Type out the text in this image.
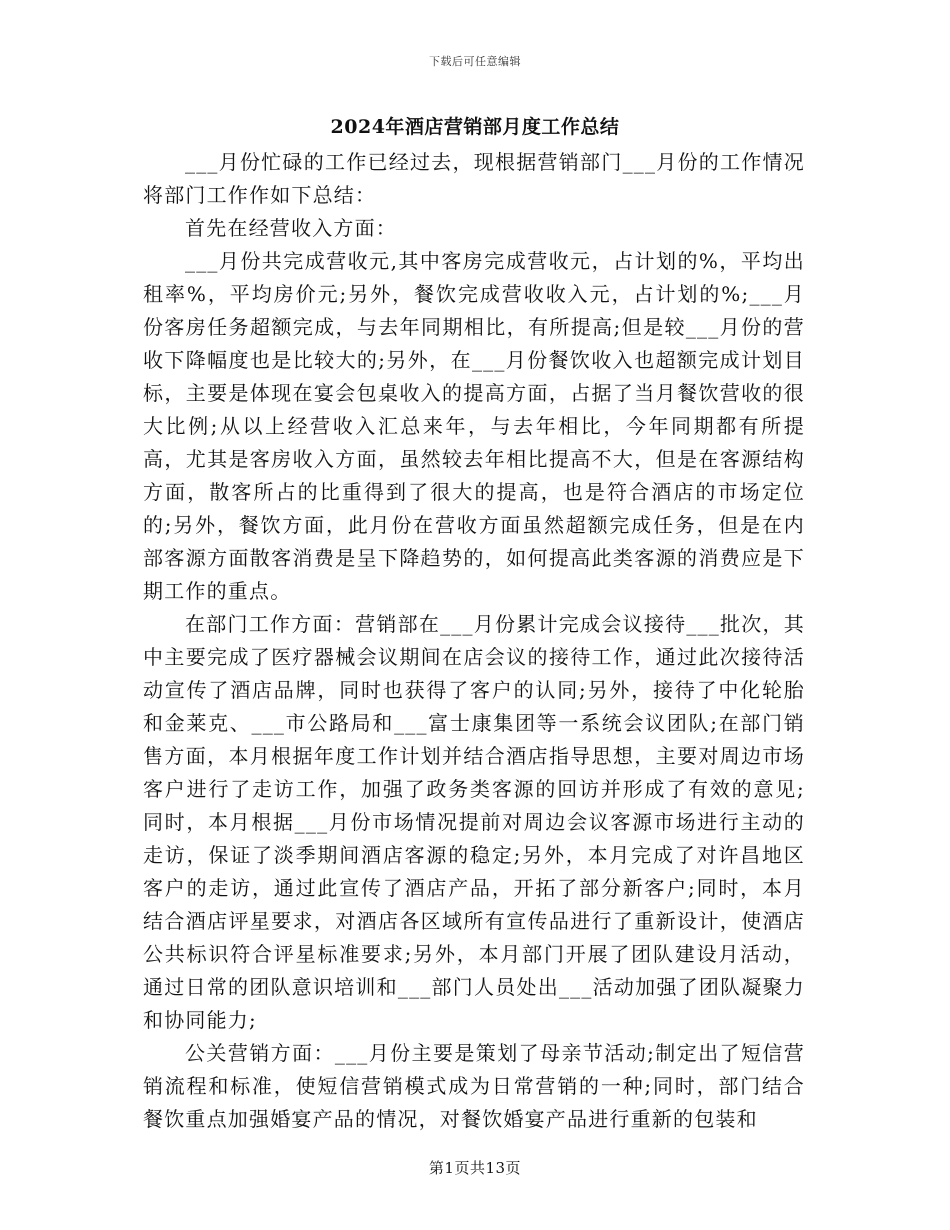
下载后可任意编辑
2024年酒店营销部月度工作总结

___月份忙碌的工作已经过去，现根据营销部门___月份的工作情况将部门工作作如下总结：

首先在经营收入方面：

___月份共完成营收元,其中客房完成营收元，占计划的%，平均出租率%，平均房价元;另外，餐饮完成营收收入元，占计划的%;___月份客房任务超额完成，与去年同期相比，有所提高;但是较___月份的营收下降幅度也是比较大的;另外，在___月份餐饮收入也超额完成计划目标，主要是体现在宴会包桌收入的提高方面，占据了当月餐饮营收的很大比例;从以上经营收入汇总来年，与去年相比，今年同期都有所提高，尤其是客房收入方面，虽然较去年相比提高不大，但是在客源结构方面，散客所占的比重得到了很大的提高，也是符合酒店的市场定位的;另外，餐饮方面，此月份在营收方面虽然超额完成任务，但是在内部客源方面散客消费是呈下降趋势的，如何提高此类客源的消费应是下期工作的重点。

在部门工作方面：营销部在___月份累计完成会议接待___批次，其中主要完成了医疗器械会议期间在店会议的接待工作，通过此次接待活动宣传了酒店品牌，同时也获得了客户的认同;另外，接待了中化轮胎和金莱克、___市公路局和___富士康集团等一系统会议团队;在部门销售方面，本月根据年度工作计划并结合酒店指导思想，主要对周边市场客户进行了走访工作，加强了政务类客源的回访并形成了有效的意见;同时，本月根据___月份市场情况提前对周边会议客源市场进行主动的走访，保证了淡季期间酒店客源的稳定;另外，本月完成了对许昌地区客户的走访，通过此宣传了酒店产品，开拓了部分新客户;同时，本月结合酒店评星要求，对酒店各区域所有宣传品进行了重新设计，使酒店公共标识符合评星标准要求;另外，本月部门开展了团队建设月活动，通过日常的团队意识培训和___部门人员处出___活动加强了团队凝聚力和协同能力;

公关营销方面：___月份主要是策划了母亲节活动;制定出了短信营销流程和标准，使短信营销模式成为日常营销的一种;同时，部门结合餐饮重点加强婚宴产品的情况，对餐饮婚宴产品进行重新的包装和

第1页共13页
